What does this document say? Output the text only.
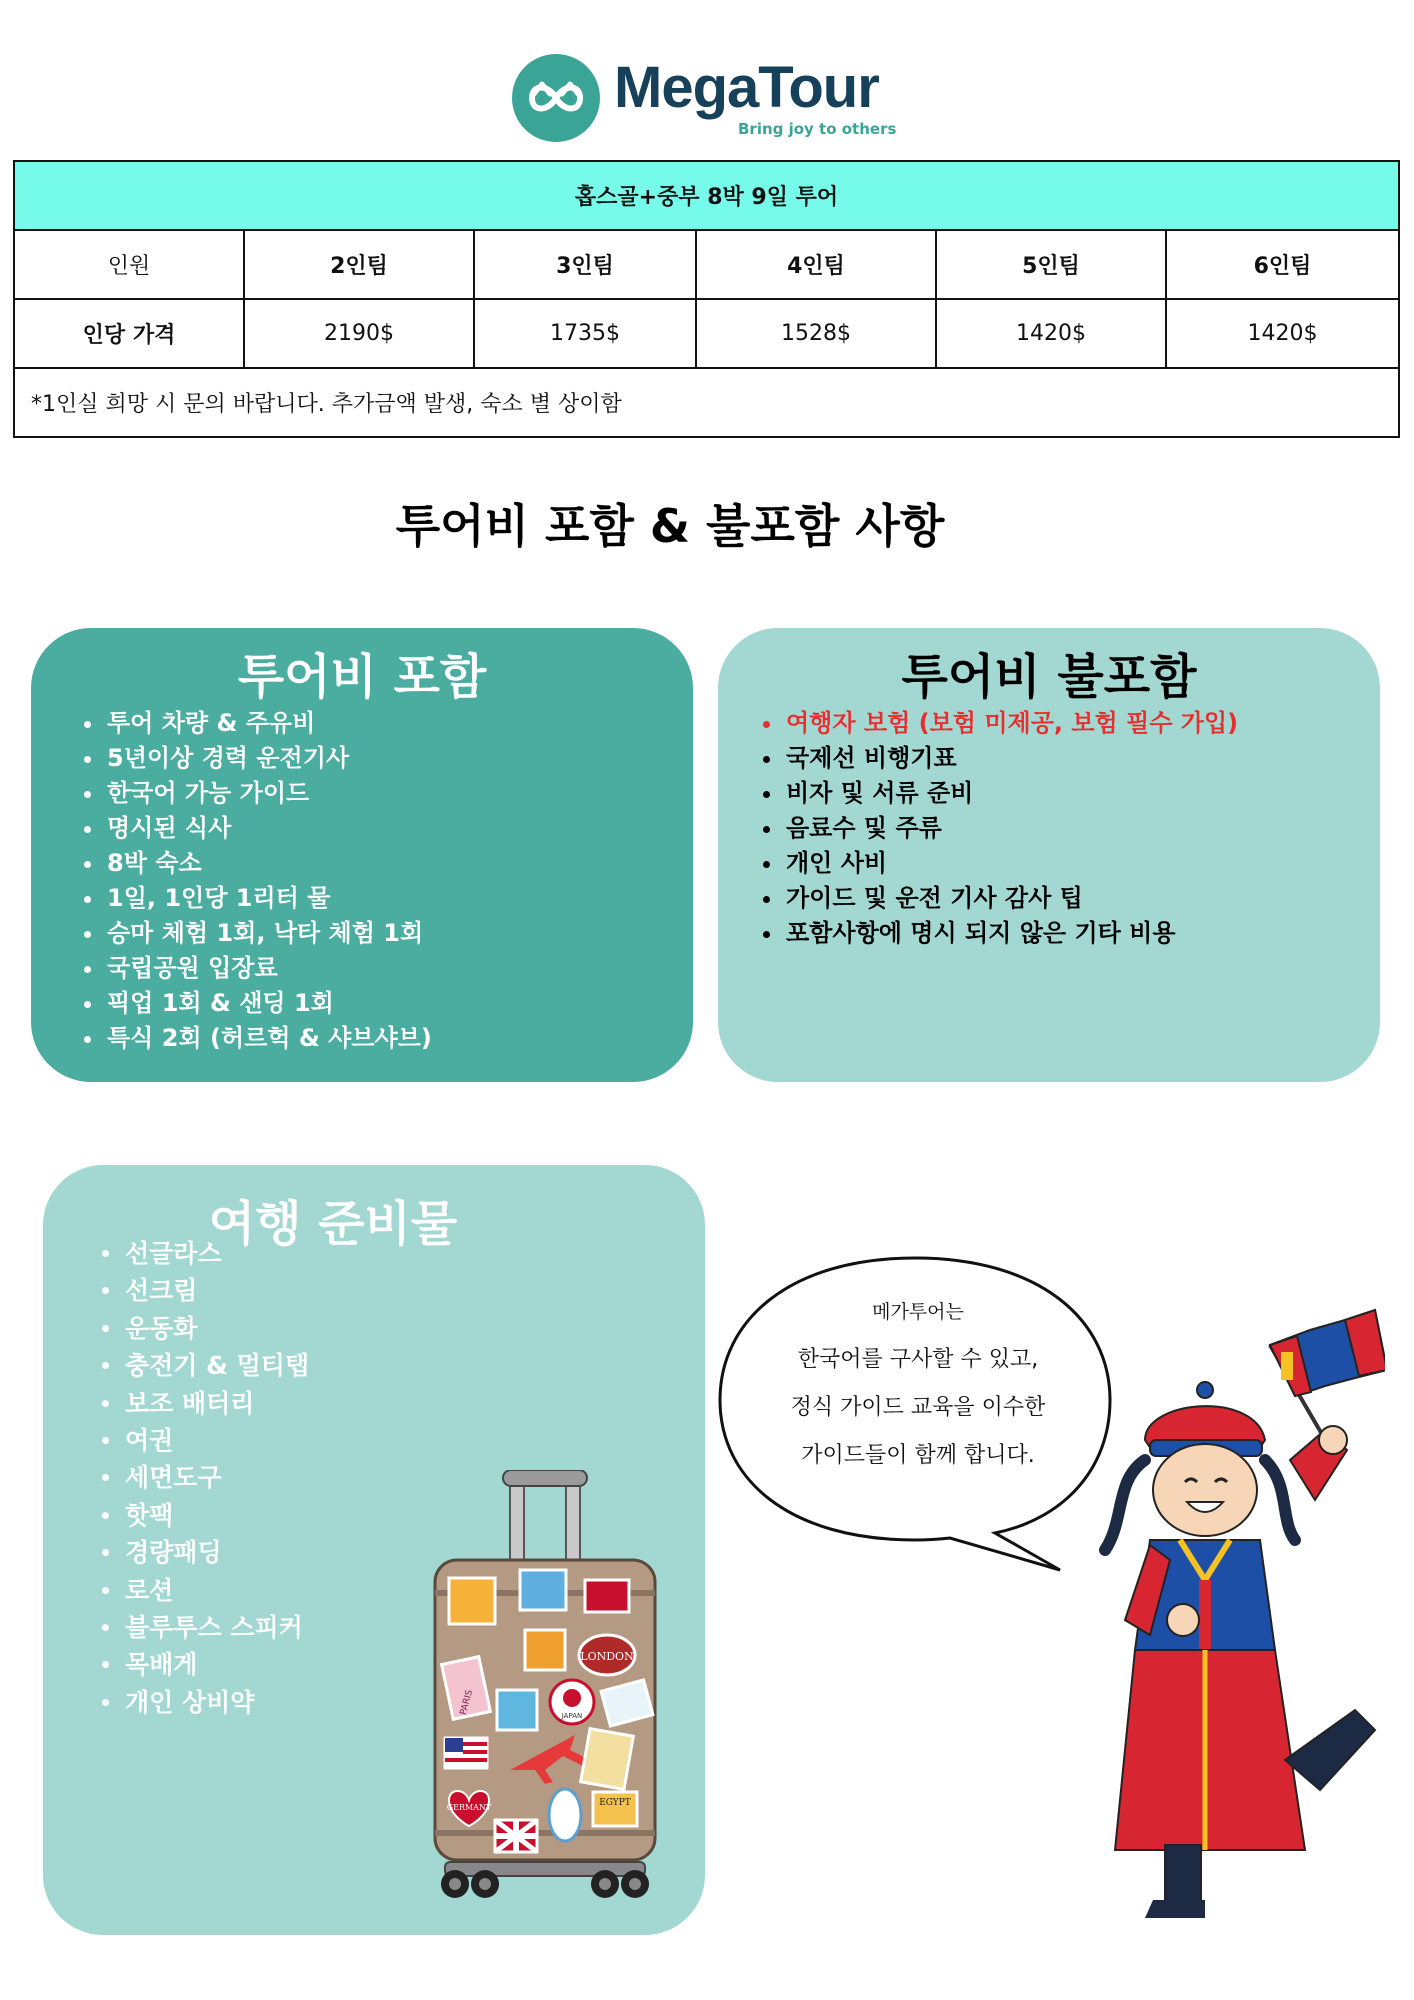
MegaTour
Bring joy to others
홉스골+중부 8박 9일 투어					
인원	2인팀	3인팀	4인팀	5인팀	6인팀
인당 가격	2190$	1735$	1528$	1420$	1420$
*1인실 희망 시 문의 바랍니다. 추가금액 발생, 숙소 별 상이함					
투어비 포함 & 불포함 사항
투어비 포함
투어 차량 & 주유비
5년이상 경력 운전기사
한국어 가능 가이드
명시된 식사
8박 숙소
1일, 1인당 1리터 물
승마 체험 1회, 낙타 체험 1회
국립공원 입장료
픽업 1회 & 샌딩 1회
특식 2회 (허르헉 & 샤브샤브)
투어비 불포함
여행자 보험 (보험 미제공, 보험 필수 가입)
국제선 비행기표
비자 및 서류 준비
음료수 및 주류
개인 사비
가이드 및 운전 기사 감사 팁
포함사항에 명시 되지 않은 기타 비용
여행 준비물
선글라스
선크림
운동화
충전기 & 멀티탭
보조 배터리
여권
세면도구
핫팩
경량패딩
로션
블루투스 스피커
목배게
개인 상비약
LONDON
PARIS	JAPAN
GERMANY	EGYPT
메가투어는
한국어를 구사할 수 있고,
정식 가이드 교육을 이수한
가이드들이 함께 합니다.
